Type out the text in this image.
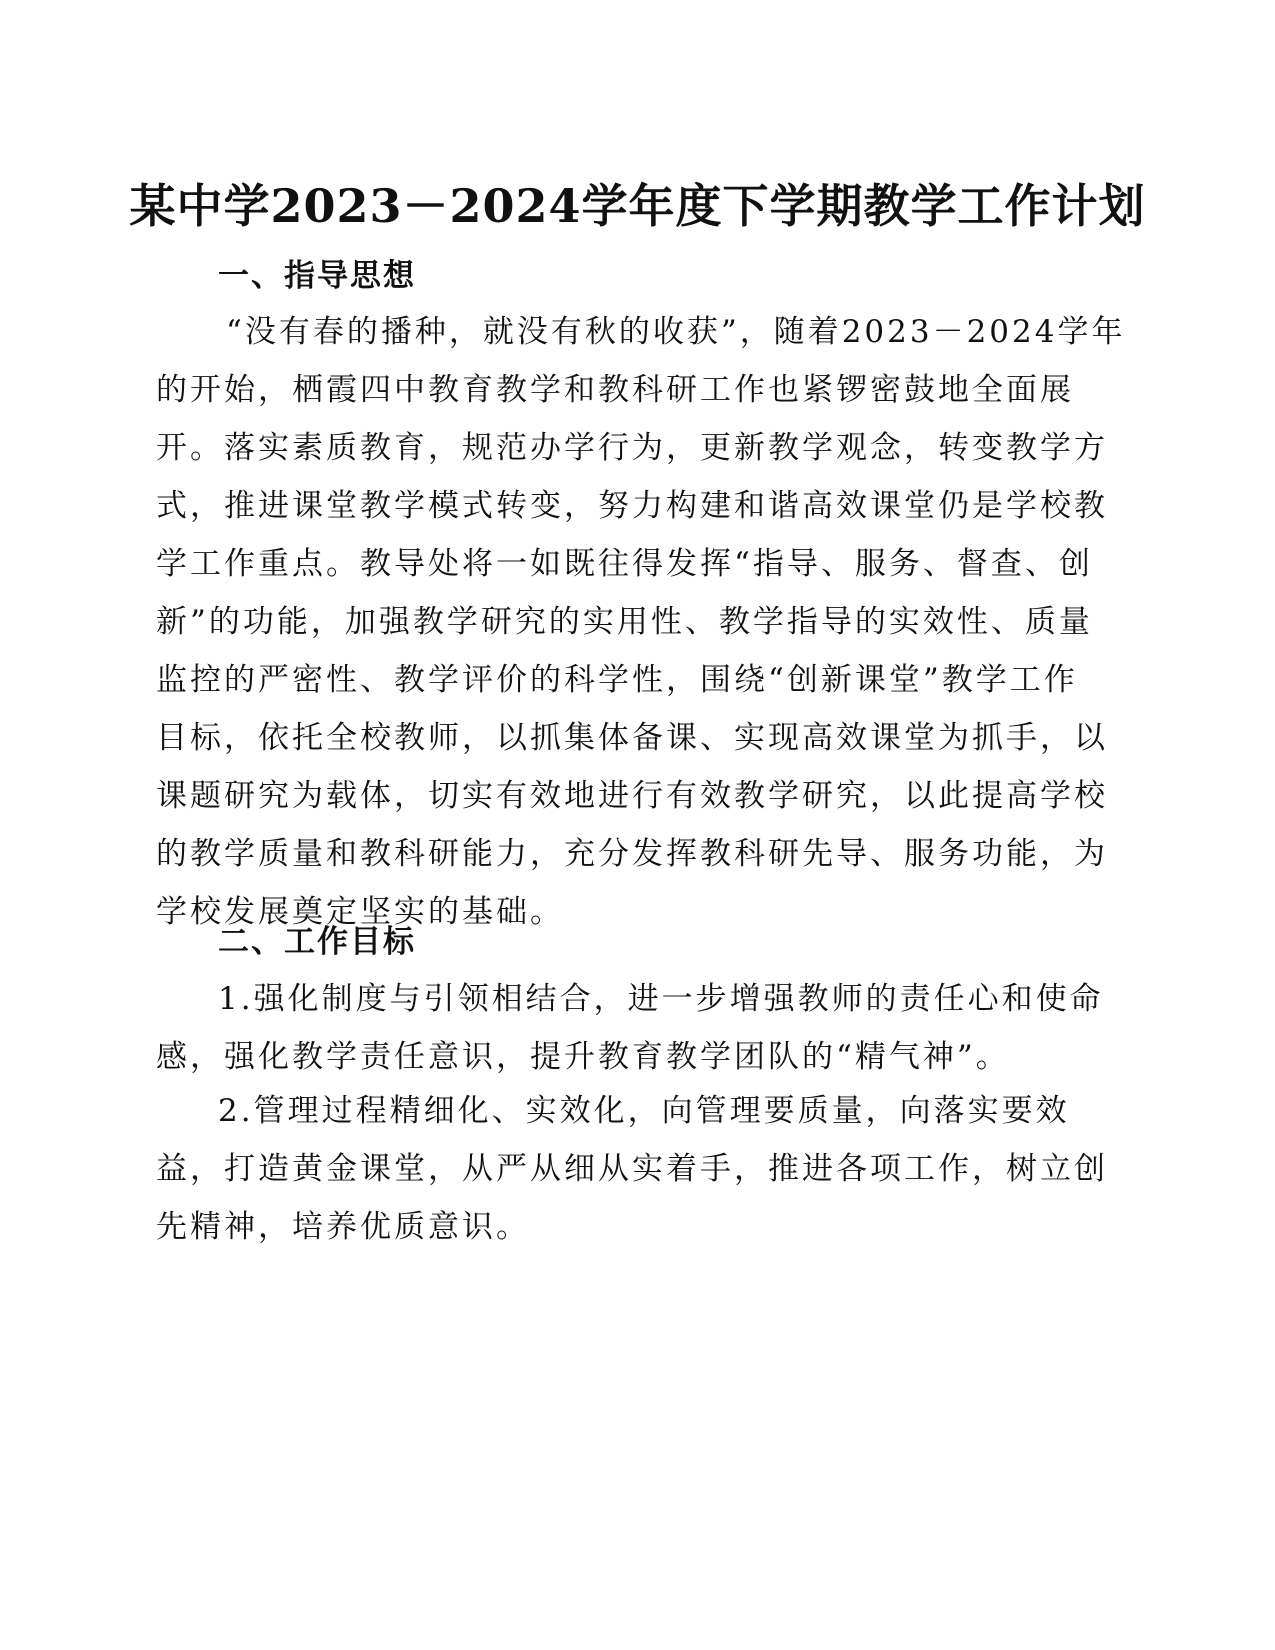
某中学2023－2024学年度下学期教学工作计划
一、指导思想
“没有春的播种，就没有秋的收获”，随着2023－2024学年
的开始，栖霞四中教育教学和教科研工作也紧锣密鼓地全面展
开。落实素质教育，规范办学行为，更新教学观念，转变教学方
式，推进课堂教学模式转变，努力构建和谐高效课堂仍是学校教
学工作重点。教导处将一如既往得发挥“指导、服务、督查、创
新”的功能，加强教学研究的实用性、教学指导的实效性、质量
监控的严密性、教学评价的科学性，围绕“创新课堂”教学工作
目标，依托全校教师，以抓集体备课、实现高效课堂为抓手，以
课题研究为载体，切实有效地进行有效教学研究，以此提高学校
的教学质量和教科研能力，充分发挥教科研先导、服务功能，为
学校发展奠定坚实的基础。
二、工作目标
1.强化制度与引领相结合，进一步增强教师的责任心和使命
感，强化教学责任意识，提升教育教学团队的“精气神”。
2.管理过程精细化、实效化，向管理要质量，向落实要效
益，打造黄金课堂，从严从细从实着手，推进各项工作，树立创
先精神，培养优质意识。
